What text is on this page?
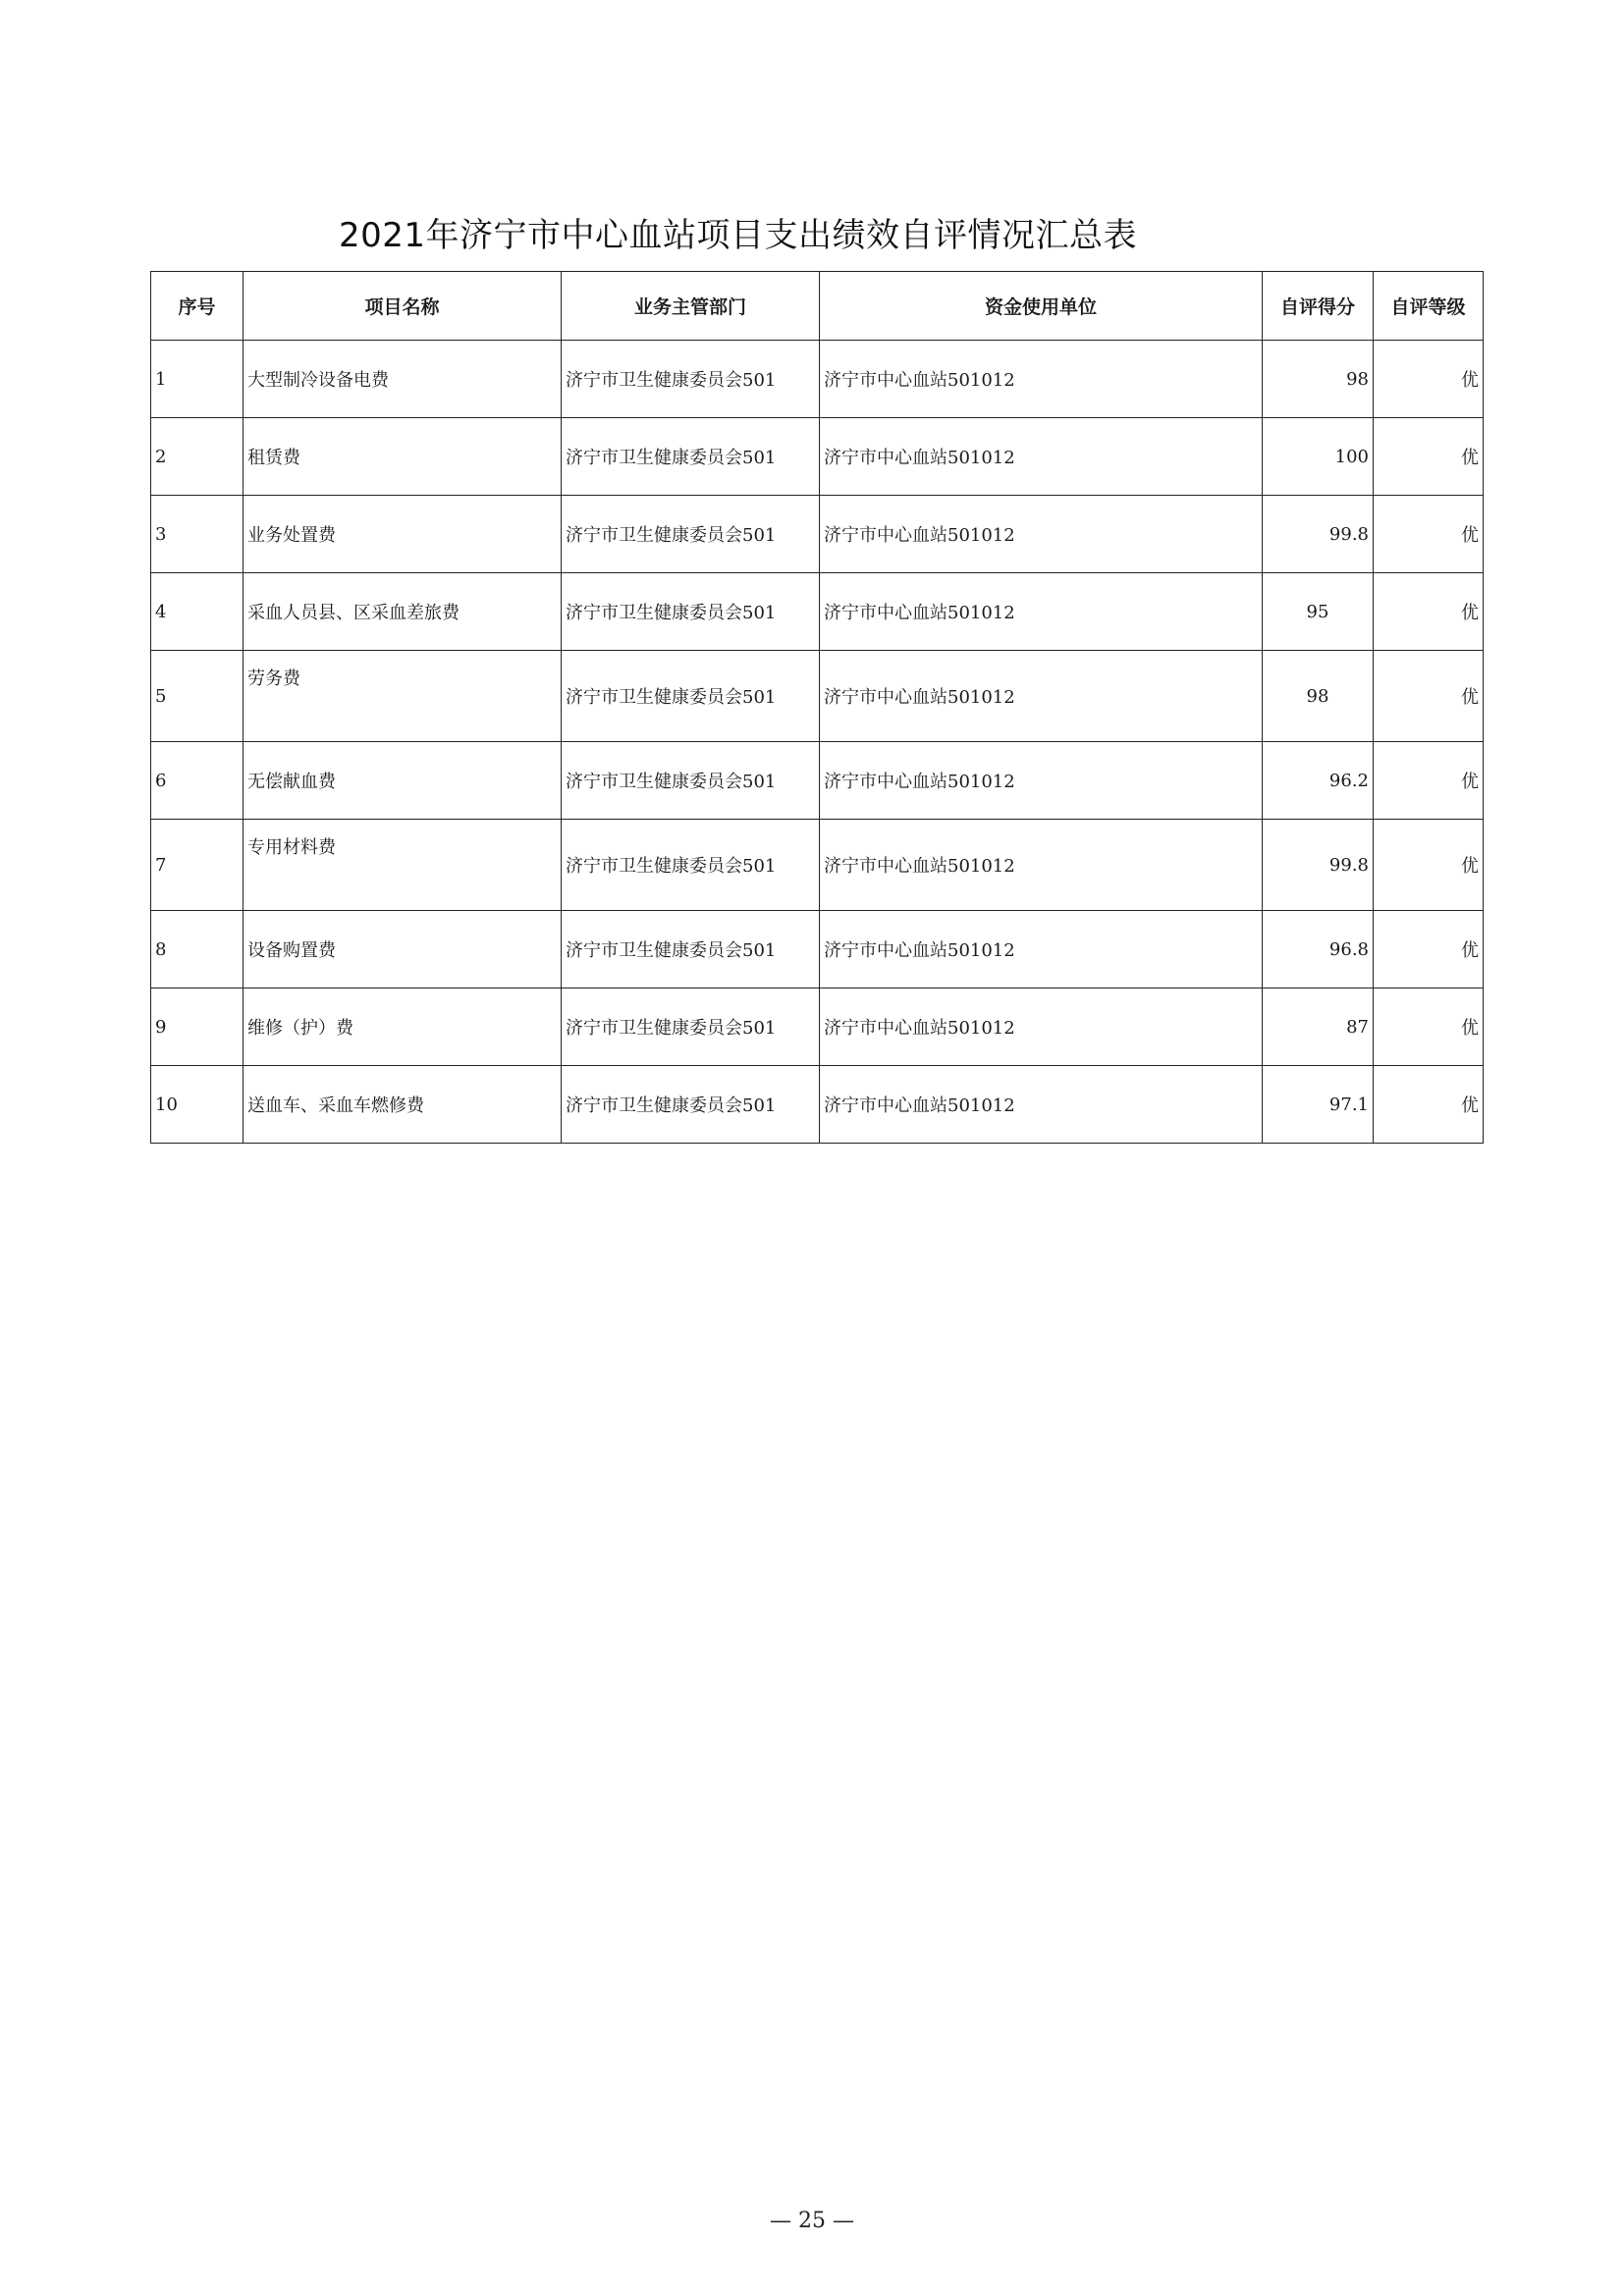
2021年济宁市中心血站项目支出绩效自评情况汇总表
序号	项目名称	业务主管部门	资金使用单位	自评得分	自评等级
1	大型制冷设备电费	济宁市卫生健康委员会501	济宁市中心血站501012	98	优
2	租赁费	济宁市卫生健康委员会501	济宁市中心血站501012	100	优
3	业务处置费	济宁市卫生健康委员会501	济宁市中心血站501012	99.8	优
4	采血人员县、区采血差旅费	济宁市卫生健康委员会501	济宁市中心血站501012	95	优
5	劳务费	济宁市卫生健康委员会501	济宁市中心血站501012	98	优
6	无偿献血费	济宁市卫生健康委员会501	济宁市中心血站501012	96.2	优
7	专用材料费	济宁市卫生健康委员会501	济宁市中心血站501012	99.8	优
8	设备购置费	济宁市卫生健康委员会501	济宁市中心血站501012	96.8	优
9	维修（护）费	济宁市卫生健康委员会501	济宁市中心血站501012	87	优
10	送血车、采血车燃修费	济宁市卫生健康委员会501	济宁市中心血站501012	97.1	优
— 25 —
